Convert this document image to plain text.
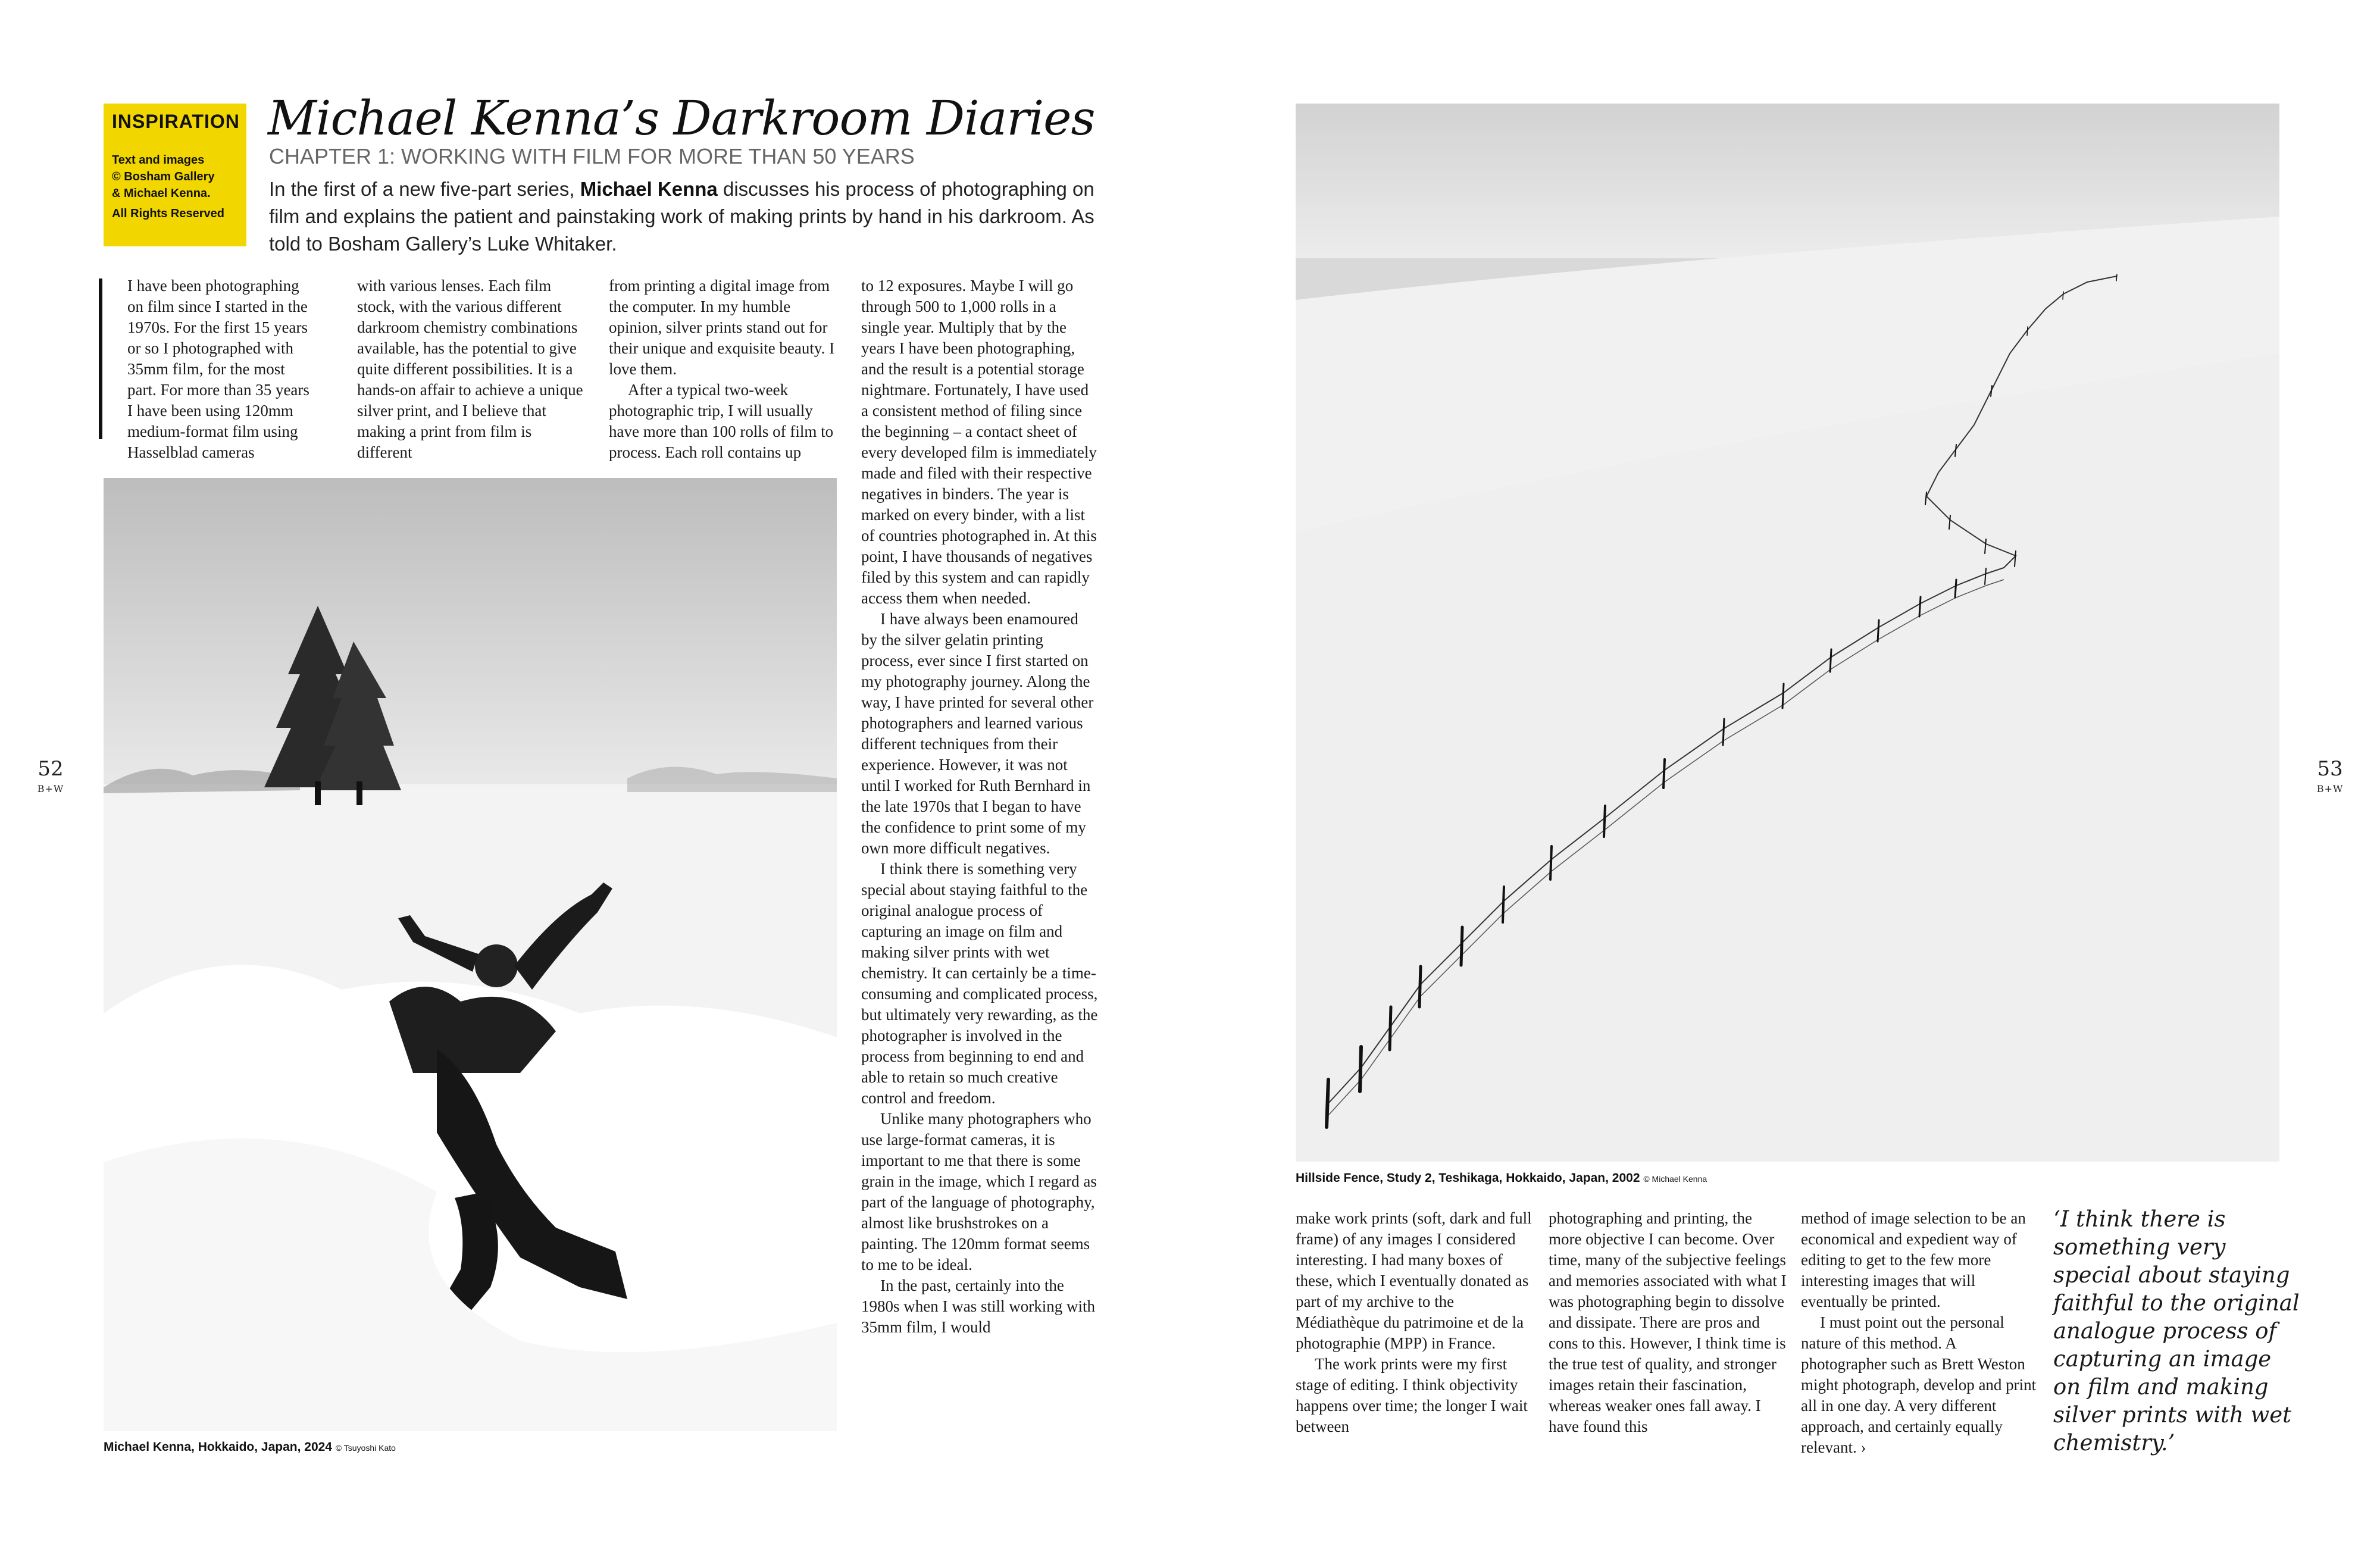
INSPIRATION
Text and images
© Bosham Gallery
& Michael Kenna.
All Rights Reserved
Michael Kenna’s Darkroom Diaries
CHAPTER 1: WORKING WITH FILM FOR MORE THAN 50 YEARS
In the first of a new five-part series, Michael Kenna discusses his process of photographing on film and explains the patient and painstaking work of making prints by hand in his darkroom. As told to Bosham Gallery’s Luke Whitaker.

I have been photographing on film since I started in the 1970s. For the first 15 years or so I photographed with 35mm film, for the most part. For more than 35 years I have been using 120mm medium-format film using Hasselblad cameras

with various lenses. Each film stock, with the various different darkroom chemistry combinations available, has the potential to give quite different possibilities. It is a hands-on affair to achieve a unique silver print, and I believe that making a print from film is different

from printing a digital image from the computer. In my humble opinion, silver prints stand out for their unique and exquisite beauty. I love them.

After a typical two-week photographic trip, I will usually have more than 100 rolls of film to process. Each roll contains up

to 12 exposures. Maybe I will go through 500 to 1,000 rolls in a single year. Multiply that by the years I have been photographing, and the result is a potential storage nightmare. Fortunately, I have used a consistent method of filing since the beginning – a contact sheet of every developed film is immediately made and filed with their respective negatives in binders. The year is marked on every binder, with a list of countries photographed in. At this point, I have thousands of negatives filed by this system and can rapidly access them when needed.

I have always been enamoured by the silver gelatin printing process, ever since I first started on my photography journey. Along the way, I have printed for several other photographers and learned various different techniques from their experience. However, it was not until I worked for Ruth Bernhard in the late 1970s that I began to have the confidence to print some of my own more difficult negatives.

I think there is something very special about staying faithful to the original analogue process of capturing an image on film and making silver prints with wet chemistry. It can certainly be a time-consuming and complicated process, but ultimately very rewarding, as the photographer is involved in the process from beginning to end and able to retain so much creative control and freedom.

Unlike many photographers who use large-format cameras, it is important to me that there is some grain in the image, which I regard as part of the language of photography, almost like brushstrokes on a painting. The 120mm format seems to me to be ideal.

In the past, certainly into the 1980s when I was still working with 35mm film, I would

Michael Kenna, Hokkaido, Japan, 2024 © Tsuyoshi Kato
Hillside Fence, Study 2, Teshikaga, Hokkaido, Japan, 2002 © Michael Kenna

make work prints (soft, dark and full frame) of any images I considered interesting. I had many boxes of these, which I eventually donated as part of my archive to the Médiathèque du patrimoine et de la photographie (MPP) in France.

The work prints were my first stage of editing. I think objectivity happens over time; the longer I wait between

photographing and printing, the more objective I can become. Over time, many of the subjective feelings and memories associated with what I was photographing begin to dissolve and dissipate. There are pros and cons to this. However, I think time is the true test of quality, and stronger images retain their fascination, whereas weaker ones fall away. I have found this

method of image selection to be an economical and expedient way of editing to get to the few more interesting images that will eventually be printed.

I must point out the personal nature of this method. A photographer such as Brett Weston might photograph, develop and print all in one day. A very different approach, and certainly equally relevant. ›

‘I think there is something very special about staying faithful to the original analogue process of capturing an image on film and making silver prints with wet chemistry.’
52
B+W
53
B+W
